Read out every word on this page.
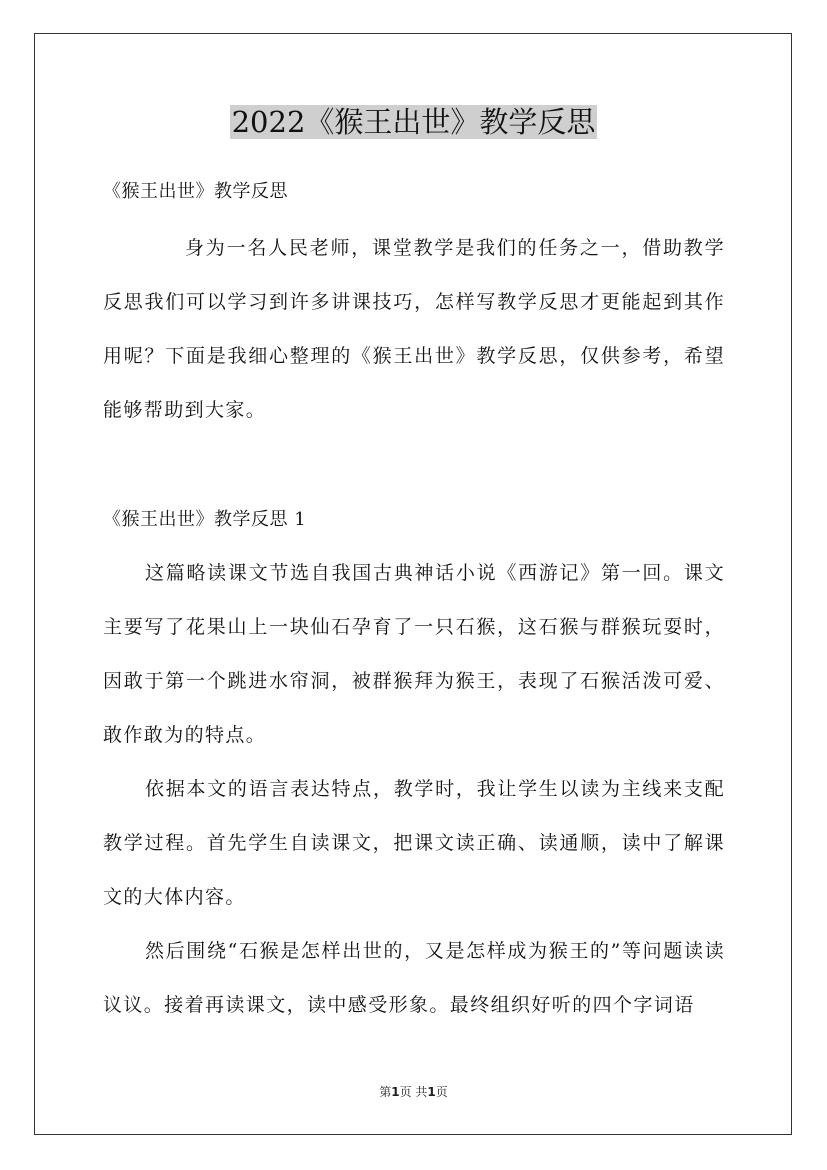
2022《猴王出世》教学反思
《猴王出世》教学反思
身为一名人民老师，课堂教学是我们的任务之一，借助教学反思我们可以学习到许多讲课技巧，怎样写教学反思才更能起到其作用呢？下面是我细心整理的《猴王出世》教学反思，仅供参考，希望能够帮助到大家。
《猴王出世》教学反思 1
这篇略读课文节选自我国古典神话小说《西游记》第一回。课文主要写了花果山上一块仙石孕育了一只石猴，这石猴与群猴玩耍时，因敢于第一个跳进水帘洞，被群猴拜为猴王，表现了石猴活泼可爱、敢作敢为的特点。
依据本文的语言表达特点，教学时，我让学生以读为主线来支配教学过程。首先学生自读课文，把课文读正确、读通顺，读中了解课文的大体内容。
然后围绕“石猴是怎样出世的，又是怎样成为猴王的”等问题读读议议。接着再读课文，读中感受形象。最终组织好听的四个字词语
第1页 共1页
